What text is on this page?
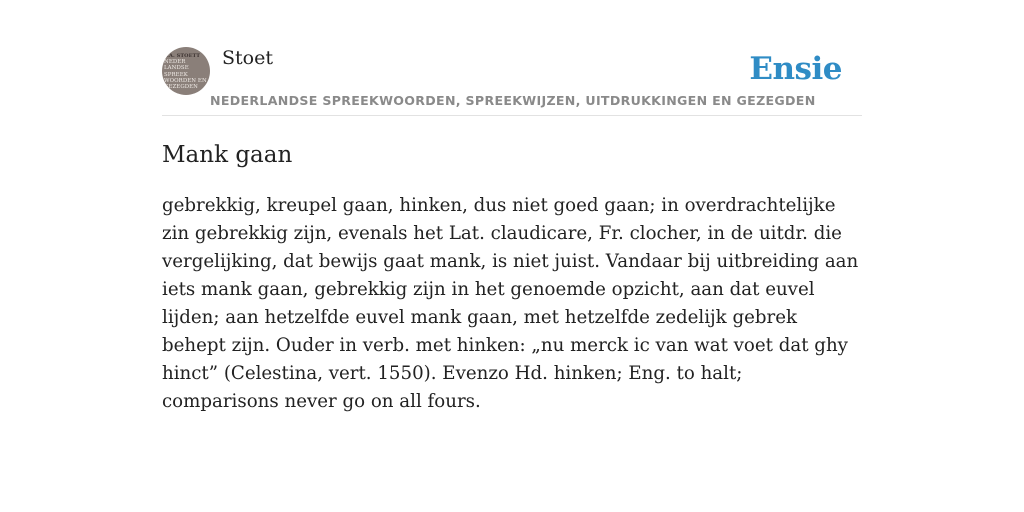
F.A. STOETT
NEDER
LANDSE
SPREEK
WOORDEN EN
GEZEGDEN
Stoet
NEDERLANDSE SPREEKWOORDEN, SPREEKWIJZEN, UITDRUKKINGEN EN GEZEGDEN
Ensie
Mank gaan

gebrekkig, kreupel gaan, hinken, dus niet goed gaan; in overdrachtelijke zin gebrekkig zijn, evenals het Lat. claudicare, Fr. clocher, in de uitdr. die vergelijking, dat bewijs gaat mank, is niet juist. Vandaar bij uitbreiding aan iets mank gaan, gebrekkig zijn in het genoemde opzicht, aan dat euvel lijden; aan hetzelfde euvel mank gaan, met hetzelfde zedelijk gebrek behept zijn. Ouder in verb. met hinken: „nu merck ic van wat voet dat ghy hinct” (Celestina, vert. 1550). Evenzo Hd. hinken; Eng. to halt; comparisons never go on all fours.
